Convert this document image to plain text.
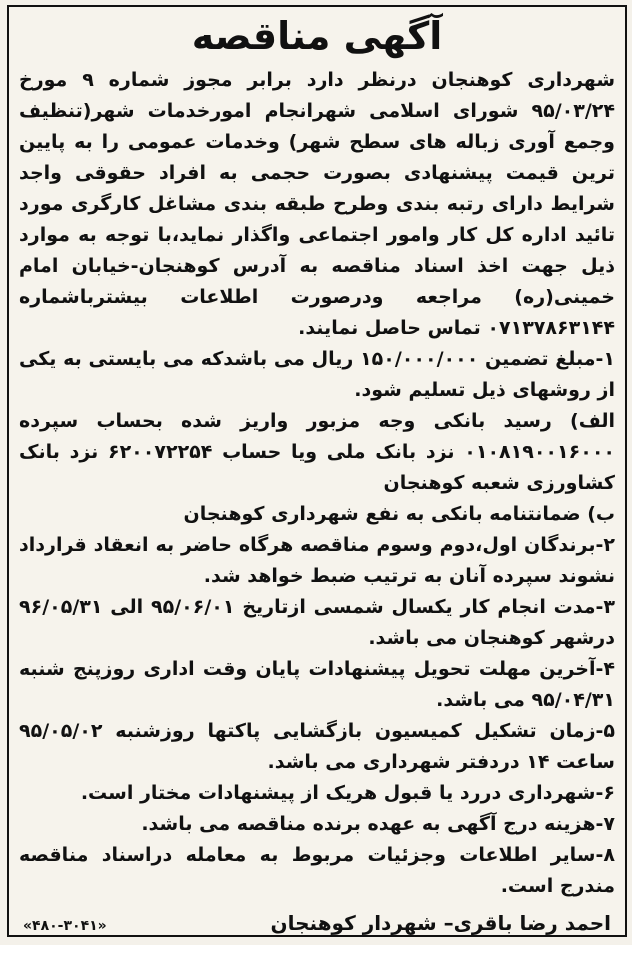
آگهی مناقصه

شهرداری کوهنجان درنظر دارد برابر مجوز شماره ۹ مورخ ۹۵/۰۳/۲۴ شورای اسلامی شهرانجام امورخدمات شهر(تنظیف وجمع آوری زباله های سطح شهر) وخدمات عمومی را به پایین ترین قیمت پیشنهادی بصورت حجمی به افراد حقوقی واجد شرایط دارای رتبه بندی وطرح طبقه بندی مشاغل کارگری مورد تائید اداره کل کار وامور اجتماعی واگذار نماید،با توجه به موارد ذیل جهت اخذ اسناد مناقصه به آدرس کوهنجان-خیابان امام خمینی(ره) مراجعه ودرصورت اطلاعات بیشترباشماره ۰۷۱۳۷۸۶۳۱۴۴ تماس حاصل نمایند.

۱-مبلغ تضمین ۱۵۰/۰۰۰/۰۰۰ ریال می باشدکه می بایستی به یکی از روشهای ذیل تسلیم شود.

الف) رسید بانکی وجه مزبور واریز شده بحساب سپرده ۰۱۰۸۱۹۰۰۱۶۰۰۰ نزد بانک ملی ویا حساب ۶۲۰۰۷۲۲۵۴ نزد بانک کشاورزی شعبه کوهنجان

ب) ضمانتنامه بانکی به نفع شهرداری کوهنجان

۲-برندگان اول،دوم وسوم مناقصه هرگاه حاضر به انعقاد قرارداد نشوند سپرده آنان به ترتیب ضبط خواهد شد.

۳-مدت انجام کار یکسال شمسی ازتاریخ ۹۵/۰۶/۰۱ الی ۹۶/۰۵/۳۱ درشهر کوهنجان می باشد.

۴-آخرین مهلت تحویل پیشنهادات پایان وقت اداری روزپنج شنبه ۹۵/۰۴/۳۱ می باشد.

۵-زمان تشکیل کمیسیون بازگشایی پاکتها روزشنبه ۹۵/۰۵/۰۲ ساعت ۱۴ دردفتر شهرداری می باشد.

۶-شهرداری دررد یا قبول هریک از پیشنهادات مختار است.

۷-هزینه درج آگهی به عهده برنده مناقصه می باشد.

۸-سایر اطلاعات وجزئیات مربوط به معامله دراسناد مناقصه مندرج است.

احمد رضا باقری– شهردار کوهنجان
«۴۸۰-۳۰۴۱»
